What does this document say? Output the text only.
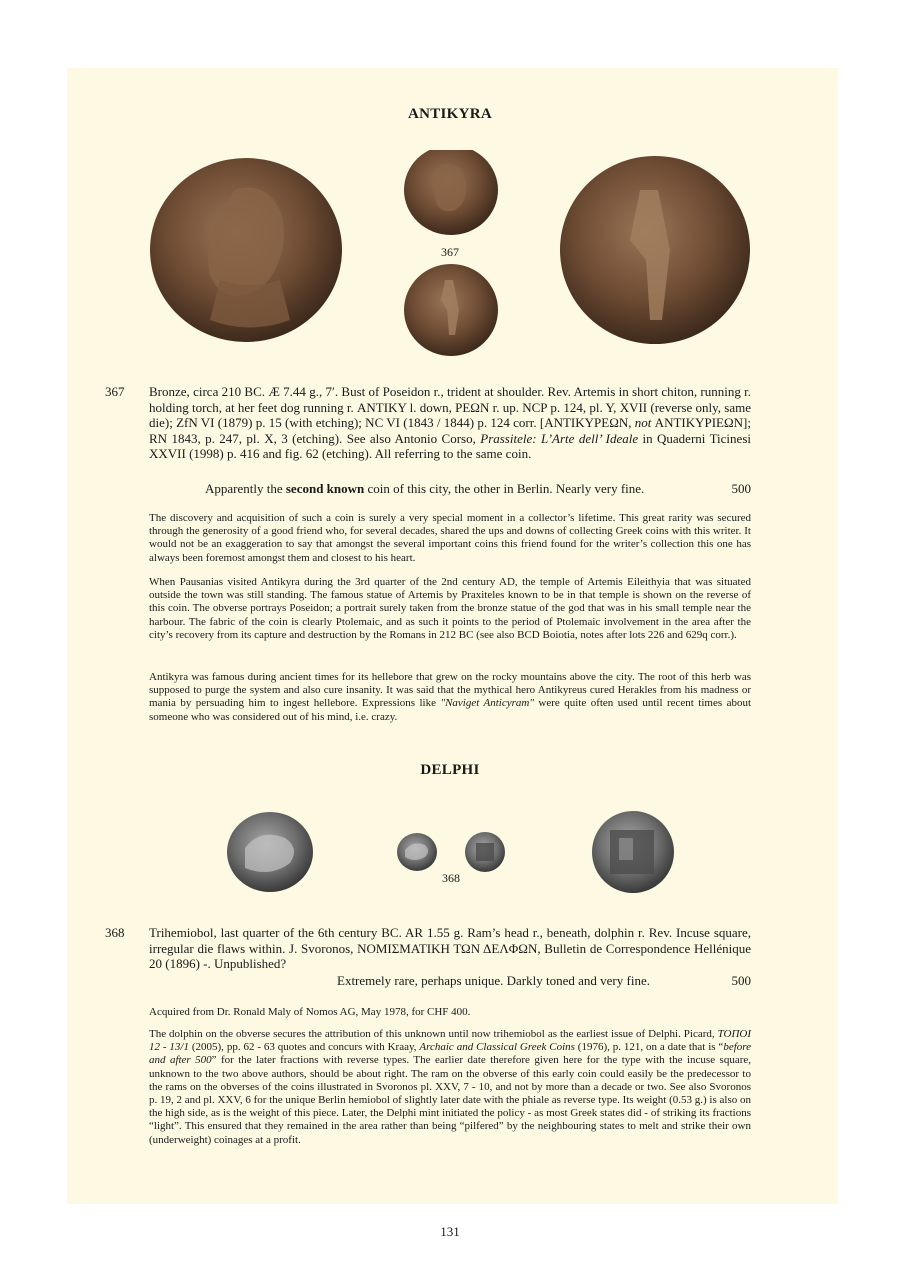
ANTIKYRA
367
367 Bronze, circa 210 BC. Æ 7.44 g., 7′. Bust of Poseidon r., trident at shoulder. Rev. Artemis in short chiton, running r. holding torch, at her feet dog running r. ΑΝΤΙΚΥ l. down, ΡΕΩΝ r. up. NCP p. 124, pl. Y, XVII (reverse only, same die); ZfN VI (1879) p. 15 (with etching); NC VI (1843 / 1844) p. 124 corr. [ΑΝΤΙΚΥΡΕΩΝ, not ΑΝΤΙΚΥΡΙΕΩΝ]; RN 1843, p. 247, pl. X, 3 (etching). See also Antonio Corso, Prassitele: L’Arte dell’ Ideale in Quaderni Ticinesi XXVII (1998) p. 416 and fig. 62 (etching). All referring to the same coin.
Apparently the second known coin of this city, the other in Berlin. Nearly very fine.	500

The discovery and acquisition of such a coin is surely a very special moment in a collector’s lifetime. This great rarity was secured through the generosity of a good friend who, for several decades, shared the ups and downs of collecting Greek coins with this writer. It would not be an exaggeration to say that amongst the several important coins this friend found for the writer’s collection this one has always been foremost amongst them and closest to his heart.

When Pausanias visited Antikyra during the 3rd quarter of the 2nd century AD, the temple of Artemis Eileithyia that was situated outside the town was still standing. The famous statue of Artemis by Praxiteles known to be in that temple is shown on the reverse of this coin. The obverse portrays Poseidon; a portrait surely taken from the bronze statue of the god that was in his small temple near the harbour. The fabric of the coin is clearly Ptolemaic, and as such it points to the period of Ptolemaic involvement in the area after the city’s recovery from its capture and destruction by the Romans in 212 BC (see also BCD Boiotia, notes after lots 226 and 629q corr.).

Antikyra was famous during ancient times for its hellebore that grew on the rocky mountains above the city. The root of this herb was supposed to purge the system and also cure insanity. It was said that the mythical hero Antikyreus cured Herakles from his madness or mania by persuading him to ingest hellebore. Expressions like "Naviget Anticyram" were quite often used until recent times about someone who was considered out of his mind, i.e. crazy.

DELPHI
368
368 Trihemiobol, last quarter of the 6th century BC. AR 1.55 g. Ram’s head r., beneath, dolphin r. Rev. Incuse square, irregular die flaws within. J. Svoronos, ΝΟΜΙΣΜΑΤΙΚΗ ΤΩΝ ΔΕΛΦΩΝ, Bulletin de Correspondence Hellénique 20 (1896) -. Unpublished?
Extremely rare, perhaps unique. Darkly toned and very fine.	500

Acquired from Dr. Ronald Maly of Nomos AG, May 1978, for CHF 400.

The dolphin on the obverse secures the attribution of this unknown until now trihemiobol as the earliest issue of Delphi. Picard, ΤΟΠΟΙ 12 - 13/1 (2005), pp. 62 - 63 quotes and concurs with Kraay, Archaic and Classical Greek Coins (1976), p. 121, on a date that is “before and after 500” for the later fractions with reverse types. The earlier date therefore given here for the type with the incuse square, unknown to the two above authors, should be about right. The ram on the obverse of this early coin could easily be the predecessor to the rams on the obverses of the coins illustrated in Svoronos pl. XXV, 7 - 10, and not by more than a decade or two. See also Svoronos p. 19, 2 and pl. XXV, 6 for the unique Berlin hemiobol of slightly later date with the phiale as reverse type. Its weight (0.53 g.) is also on the high side, as is the weight of this piece. Later, the Delphi mint initiated the policy - as most Greek states did - of striking its fractions “light”. This ensured that they remained in the area rather than being “pilfered” by the neighbouring states to melt and strike their own (underweight) coinages at a profit.

131
